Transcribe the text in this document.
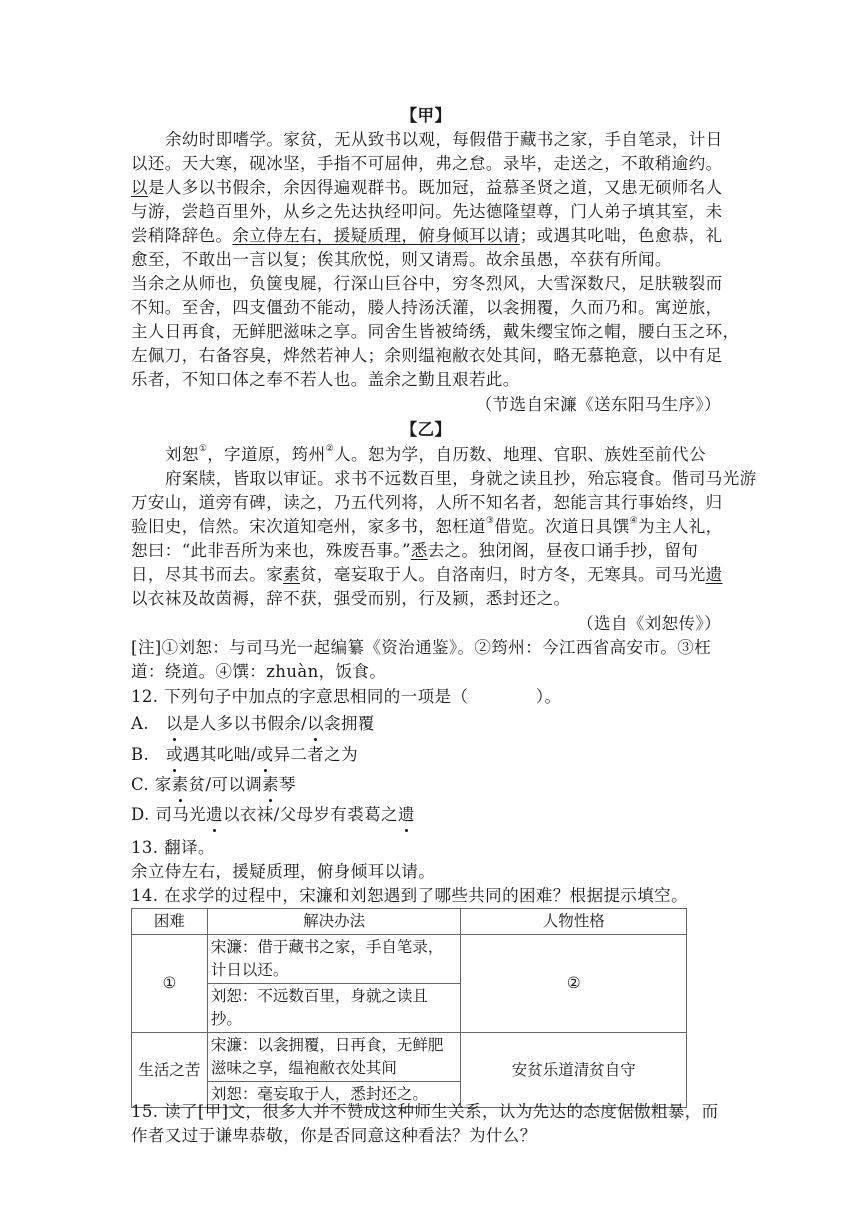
【甲】
余幼时即嗜学。家贫，无从致书以观，每假借于藏书之家，手自笔录，计日
以还。天大寒，砚冰坚，手指不可屈伸，弗之怠。录毕，走送之，不敢稍逾约。
以是人多以书假余，余因得遍观群书。既加冠，益慕圣贤之道，又患无硕师名人
与游，尝趋百里外，从乡之先达执经叩问。先达德隆望尊，门人弟子填其室，未
尝稍降辞色。余立侍左右，援疑质理，俯身倾耳以请；或遇其叱咄，色愈恭，礼
愈至，不敢出一言以复；俟其欣悦，则又请焉。故余虽愚，卒获有所闻。
当余之从师也，负箧曳屣，行深山巨谷中，穷冬烈风，大雪深数尺，足肤皲裂而
不知。至舍，四支僵劲不能动，媵人持汤沃灌，以衾拥覆，久而乃和。寓逆旅，
主人日再食，无鲜肥滋味之享。同舍生皆被绮绣，戴朱缨宝饰之帽，腰白玉之环，
左佩刀，右备容臭，烨然若神人；余则缊袍敝衣处其间，略无慕艳意，以中有足
乐者，不知口体之奉不若人也。盖余之勤且艰若此。
（节选自宋濂《送东阳马生序》）
【乙】
刘恕①，字道原，筠州②人。恕为学，自历数、地理、官职、族姓至前代公
府案牍，皆取以审证。求书不远数百里，身就之读且抄，殆忘寝食。偕司马光游
万安山，道旁有碑，读之，乃五代列将，人所不知名者，恕能言其行事始终，归
验旧史，信然。宋次道知亳州，家多书，恕枉道③借览。次道日具馔④为主人礼，
恕曰：“此非吾所为来也，殊废吾事。”悉去之。独闭阁，昼夜口诵手抄，留旬
日，尽其书而去。家素贫，毫妄取于人。自洛南归，时方冬，无寒具。司马光遗
以衣袜及故茵褥，辞不获，强受而别，行及颍，悉封还之。
（选自《刘恕传》）
[注]①刘恕：与司马光一起编纂《资治通鉴》。②筠州：今江西省高安市。③枉
道：绕道。④馔：zhuàn，饭食。
12. 下列句子中加点的字意思相同的一项是（　　　　）。
A. 以是人多以书假余/以衾拥覆
B. 或遇其叱咄/或异二者之为
C. 家素贫/可以调素琴
D. 司马光遗以衣袜/父母岁有裘葛之遗
13. 翻译。
余立侍左右，援疑质理，俯身倾耳以请。
14. 在求学的过程中，宋濂和刘恕遇到了哪些共同的困难？根据提示填空。
困难	解决办法	人物性格
①	宋濂：借于藏书之家，手自笔录，计日以还。	②
	刘恕：不远数百里，身就之读且抄。	
生活之苦	宋濂：以衾拥覆，日再食，无鲜肥滋味之享，缊袍敝衣处其间	安贫乐道清贫自守
	刘恕：毫妄取于人，悉封还之。	
15. 读了[甲]文，很多人并不赞成这种师生关系，认为先达的态度倨傲粗暴，而
作者又过于谦卑恭敬，你是否同意这种看法？为什么？
